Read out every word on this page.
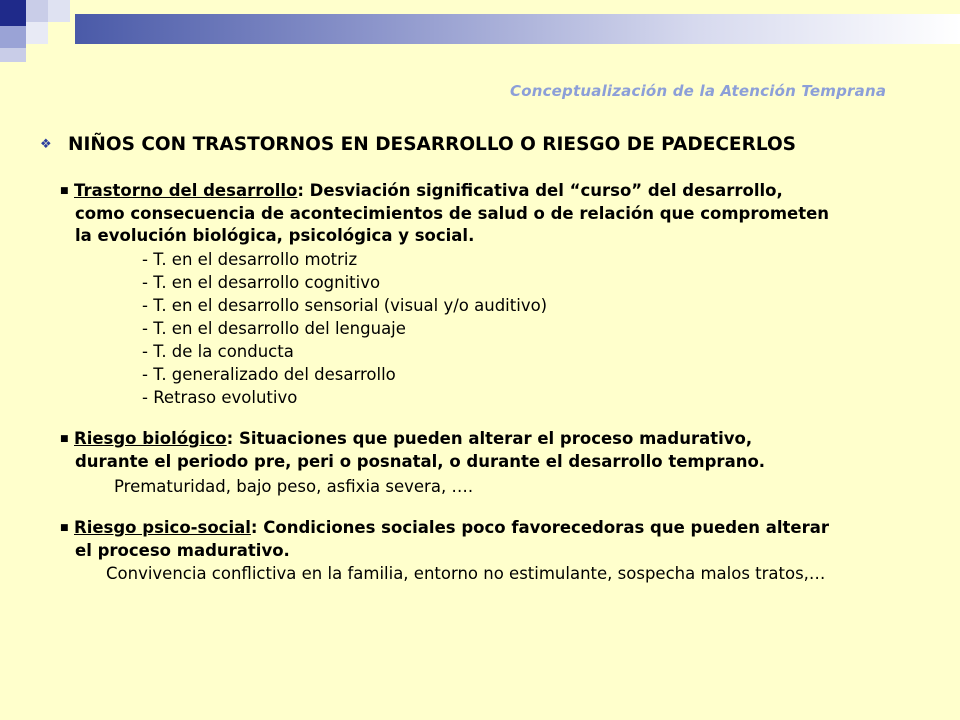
Conceptualización de la Atención Temprana
❖ NIÑOS CON TRASTORNOS EN DESARROLLO O RIESGO DE PADECERLOS
■ Trastorno del desarrollo: Desviación significativa del “curso” del desarrollo,
como consecuencia de acontecimientos de salud o de relación que comprometen
la evolución biológica, psicológica y social.
- T. en el desarrollo motriz
- T. en el desarrollo cognitivo
- T. en el desarrollo sensorial (visual y/o auditivo)
- T. en el desarrollo del lenguaje
- T. de la conducta
- T. generalizado del desarrollo
- Retraso evolutivo
■ Riesgo biológico: Situaciones que pueden alterar el proceso madurativo,
durante el periodo pre, peri o posnatal, o durante el desarrollo temprano.
Prematuridad, bajo peso, asfixia severa, ….
■ Riesgo psico-social: Condiciones sociales poco favorecedoras que pueden alterar
el proceso madurativo.
Convivencia conflictiva en la familia, entorno no estimulante, sospecha malos tratos,…
